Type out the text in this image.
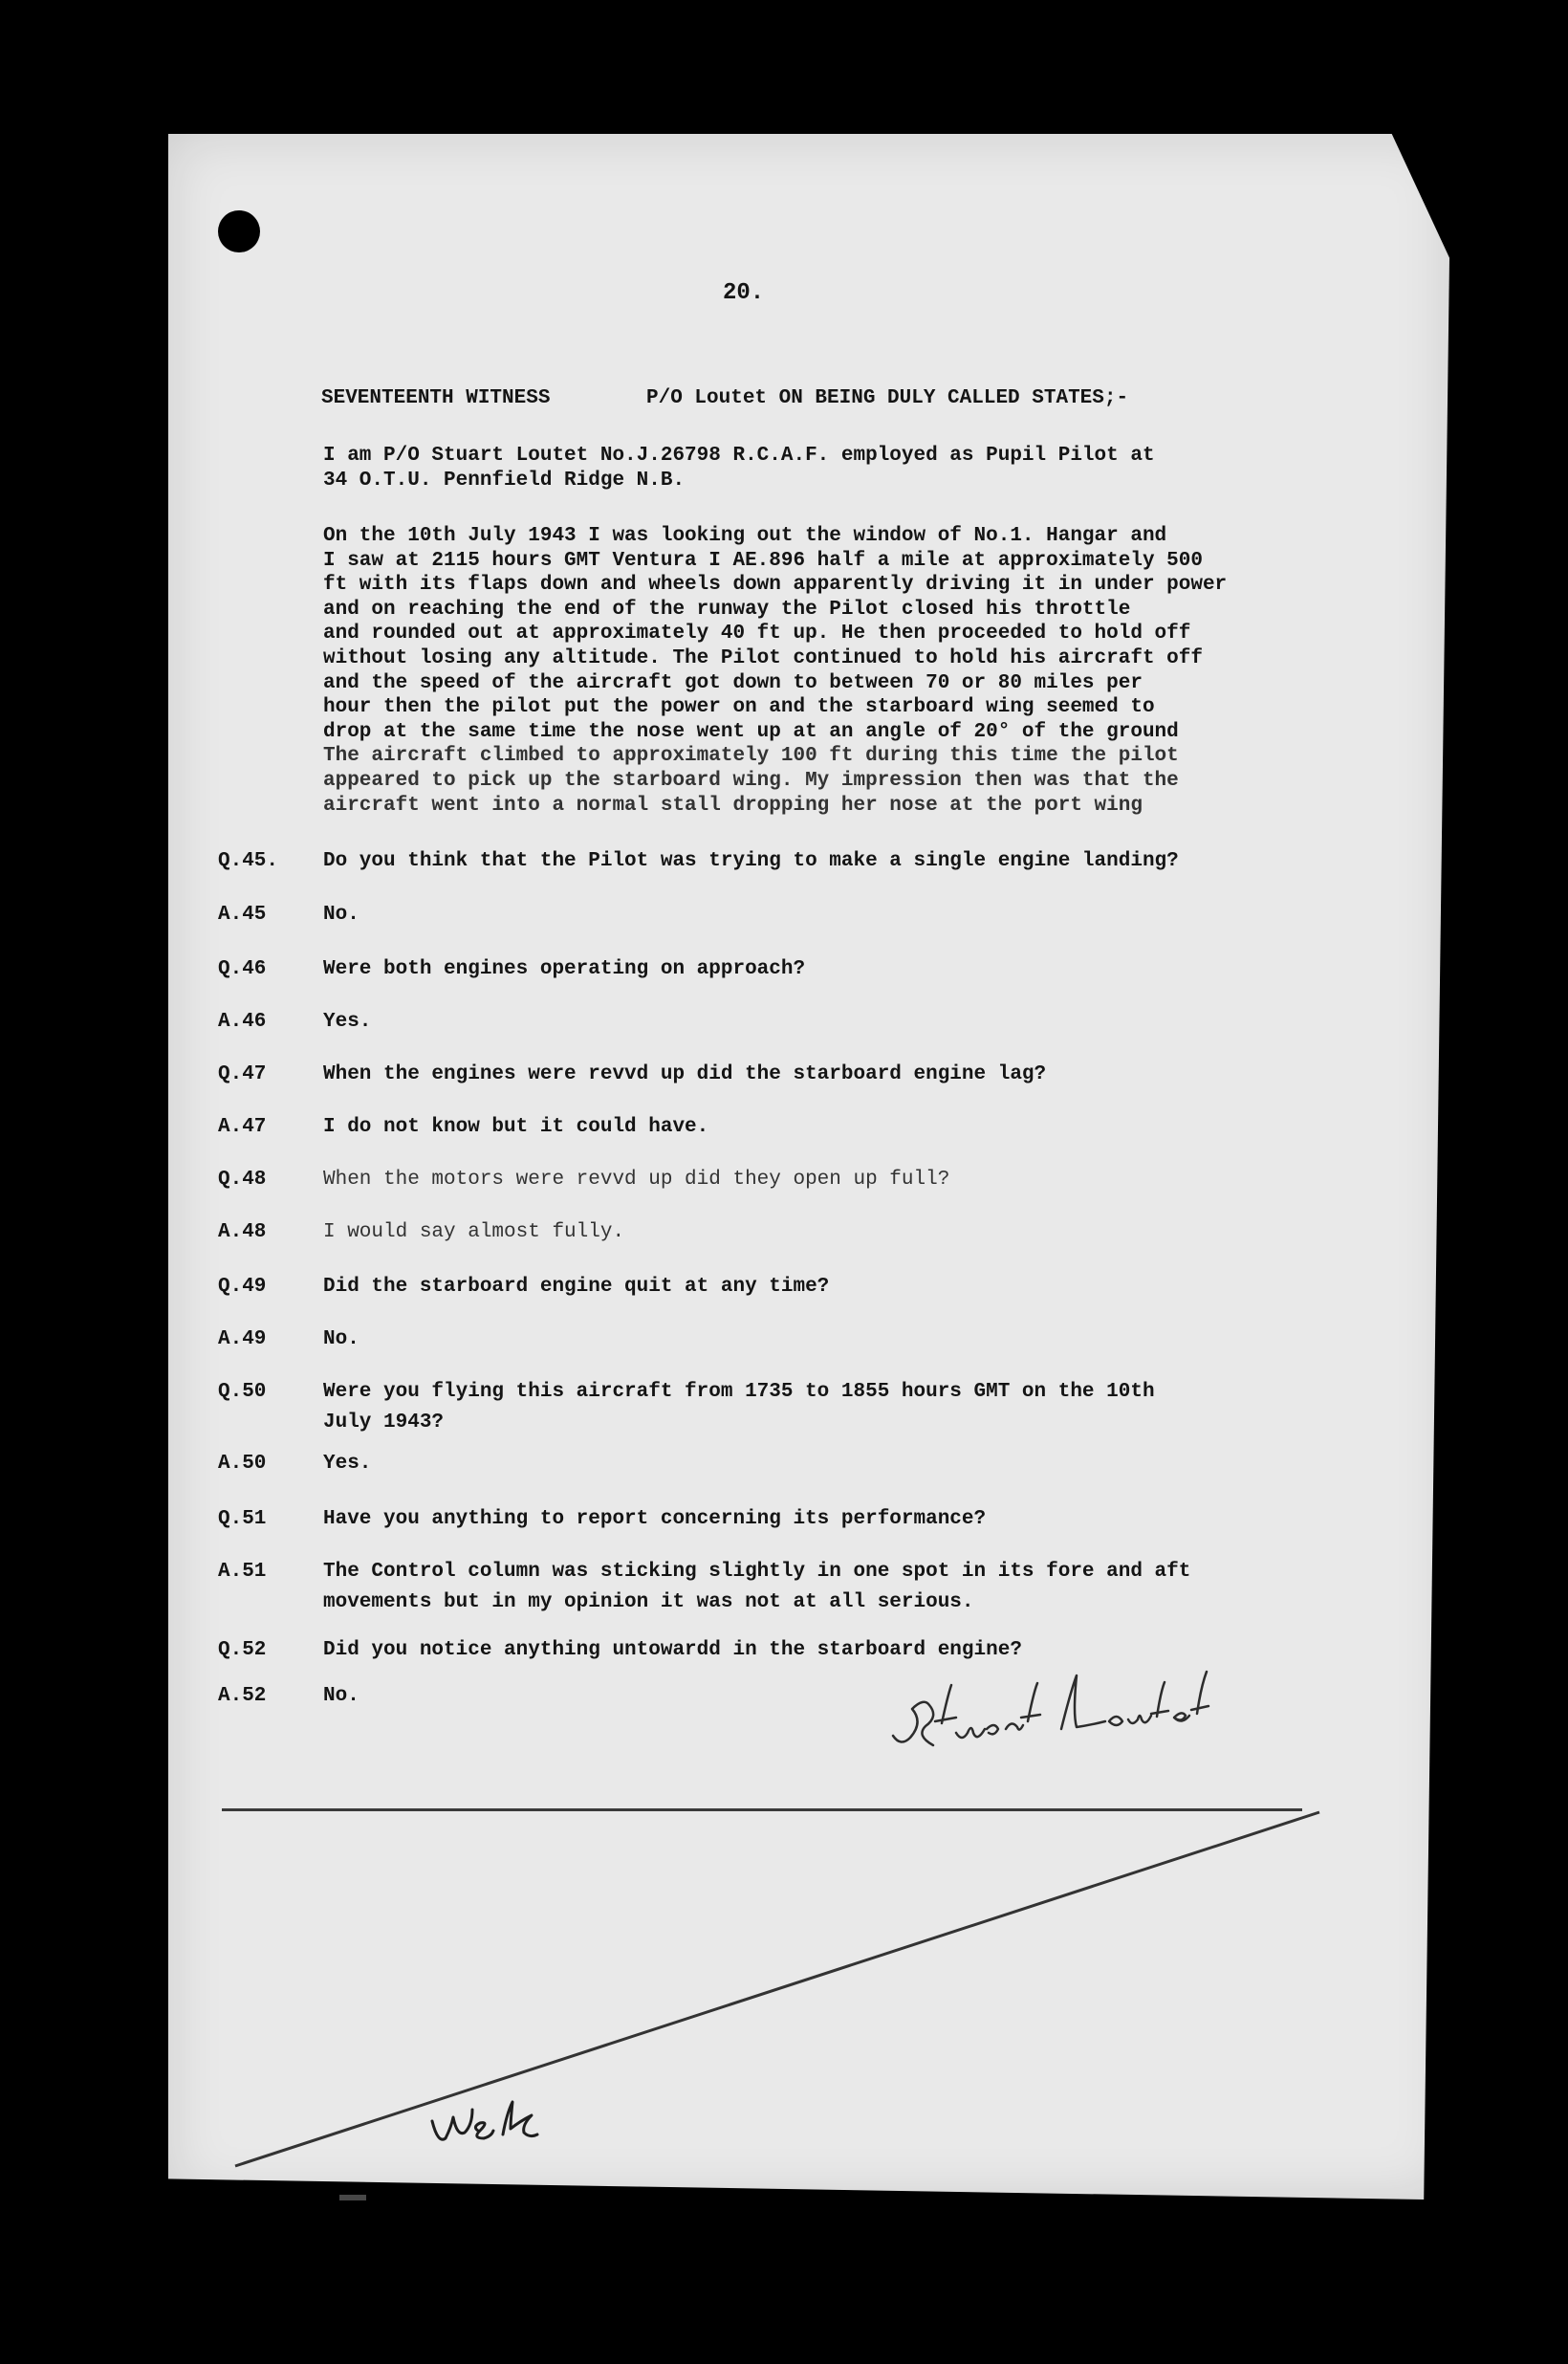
20.
SEVENTEENTH WITNESS	P/O Loutet ON BEING DULY CALLED STATES;-

I am P/O Stuart Loutet No.J.26798 R.C.A.F. employed as Pupil Pilot at

34 O.T.U. Pennfield Ridge N.B.

On the 10th July 1943 I was looking out the window of No.1. Hangar and

I saw at 2115 hours GMT Ventura I AE.896 half a mile at approximately 500

ft with its flaps down and wheels down apparently driving it in under power

and on reaching the end of the runway the Pilot closed his throttle

and rounded out at approximately 40 ft up. He then proceeded to hold off

without losing any altitude. The Pilot continued to hold his aircraft off

and the speed of the aircraft got down to between 70 or 80 miles per

hour then the pilot put the power on and the starboard wing seemed to

drop at the same time the nose went up at an angle of 20° of the ground

The aircraft climbed to approximately 100 ft during this time the pilot

appeared to pick up the starboard wing. My impression then was that the

aircraft went into a normal stall dropping her nose at the port wing

Q.45. Do you think that the Pilot was trying to make a single engine landing?
A.45	No.
Q.46	Were both engines operating on approach?
A.46	Yes.
Q.47	When the engines were revvd up did the starboard engine lag?
A.47	I do not know but it could have.
Q.48	When the motors were revvd up did they open up full?
A.48	I would say almost fully.
Q.49	Did the starboard engine quit at any time?
A.49	No.
Q.50	Were you flying this aircraft from 1735 to 1855 hours GMT on the 10th
July 1943?
A.50	Yes.
Q.51	Have you anything to report concerning its performance?
A.51	The Control column was sticking slightly in one spot in its fore and aft
movements but in my opinion it was not at all serious.
Q.52	Did you notice anything untowardd in the starboard engine?
A.52	No.
